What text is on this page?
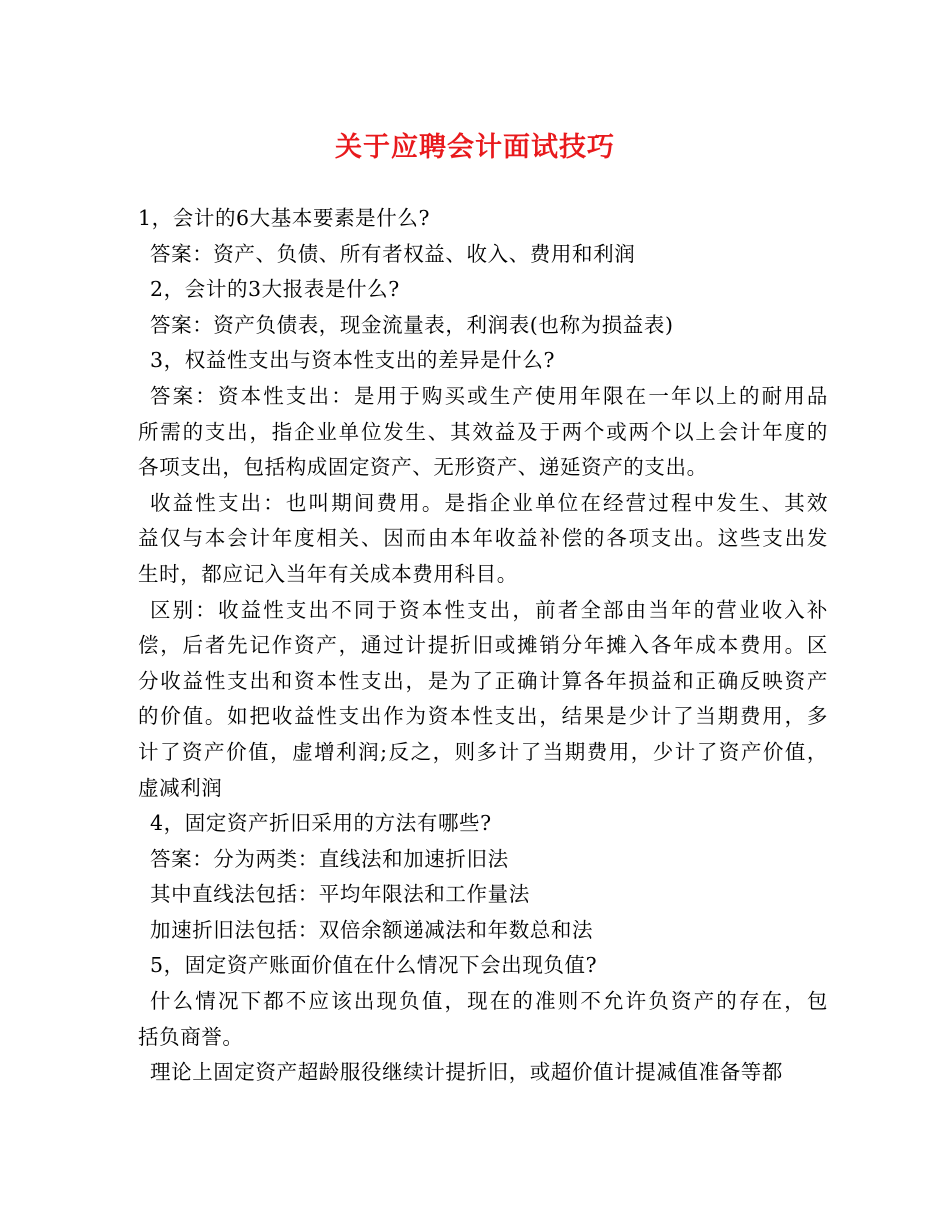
关于应聘会计面试技巧
1，会计的6大基本要素是什么?
答案：资产、负债、所有者权益、收入、费用和利润
2，会计的3大报表是什么?
答案：资产负债表，现金流量表，利润表(也称为损益表)
3，权益性支出与资本性支出的差异是什么?
答案：资本性支出：是用于购买或生产使用年限在一年以上的耐用品
所需的支出，指企业单位发生、其效益及于两个或两个以上会计年度的
各项支出，包括构成固定资产、无形资产、递延资产的支出。
收益性支出：也叫期间费用。是指企业单位在经营过程中发生、其效
益仅与本会计年度相关、因而由本年收益补偿的各项支出。这些支出发
生时，都应记入当年有关成本费用科目。
区别：收益性支出不同于资本性支出，前者全部由当年的营业收入补
偿，后者先记作资产，通过计提折旧或摊销分年摊入各年成本费用。区
分收益性支出和资本性支出，是为了正确计算各年损益和正确反映资产
的价值。如把收益性支出作为资本性支出，结果是少计了当期费用，多
计了资产价值，虚增利润;反之，则多计了当期费用，少计了资产价值，
虚减利润
4，固定资产折旧采用的方法有哪些?
答案：分为两类：直线法和加速折旧法
其中直线法包括：平均年限法和工作量法
加速折旧法包括：双倍余额递减法和年数总和法
5，固定资产账面价值在什么情况下会出现负值?
什么情况下都不应该出现负值，现在的准则不允许负资产的存在，包
括负商誉。
理论上固定资产超龄服役继续计提折旧，或超价值计提减值准备等都
